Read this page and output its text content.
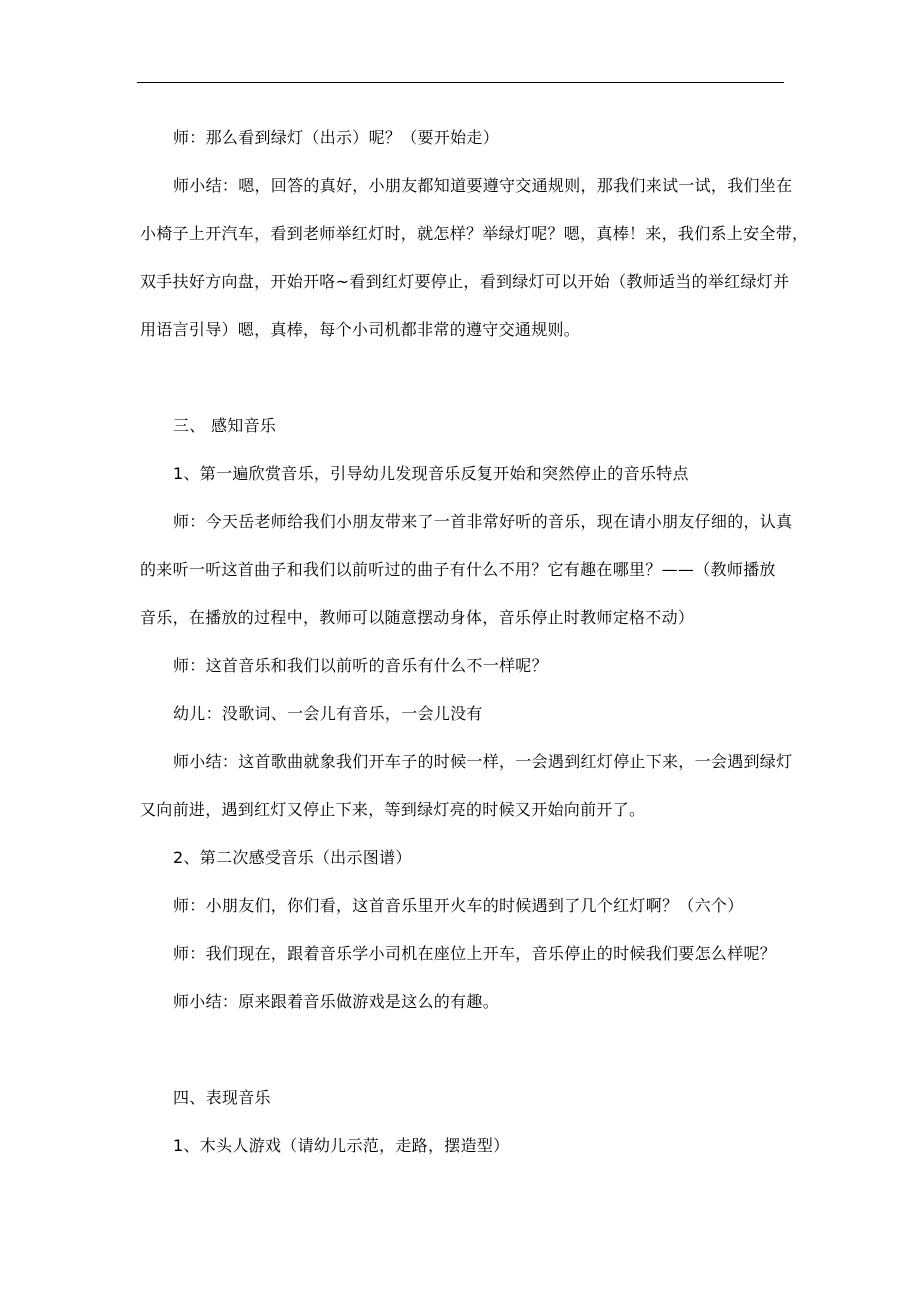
师：那么看到绿灯（出示）呢？（要开始走）
师小结：嗯，回答的真好，小朋友都知道要遵守交通规则，那我们来试一试，我们坐在
小椅子上开汽车，看到老师举红灯时，就怎样？举绿灯呢？嗯，真棒！来，我们系上安全带，
双手扶好方向盘，开始开咯~看到红灯要停止，看到绿灯可以开始（教师适当的举红绿灯并
用语言引导）嗯，真棒，每个小司机都非常的遵守交通规则。
三、 感知音乐
1、第一遍欣赏音乐，引导幼儿发现音乐反复开始和突然停止的音乐特点
师：今天岳老师给我们小朋友带来了一首非常好听的音乐，现在请小朋友仔细的，认真
的来听一听这首曲子和我们以前听过的曲子有什么不用？它有趣在哪里？——（教师播放
音乐，在播放的过程中，教师可以随意摆动身体，音乐停止时教师定格不动）
师：这首音乐和我们以前听的音乐有什么不一样呢？
幼儿：没歌词、一会儿有音乐，一会儿没有
师小结：这首歌曲就象我们开车子的时候一样，一会遇到红灯停止下来，一会遇到绿灯
又向前进，遇到红灯又停止下来，等到绿灯亮的时候又开始向前开了。
2、第二次感受音乐（出示图谱）
师：小朋友们，你们看，这首音乐里开火车的时候遇到了几个红灯啊？（六个）
师：我们现在，跟着音乐学小司机在座位上开车，音乐停止的时候我们要怎么样呢？
师小结：原来跟着音乐做游戏是这么的有趣。
四、表现音乐
1、木头人游戏（请幼儿示范，走路，摆造型）
